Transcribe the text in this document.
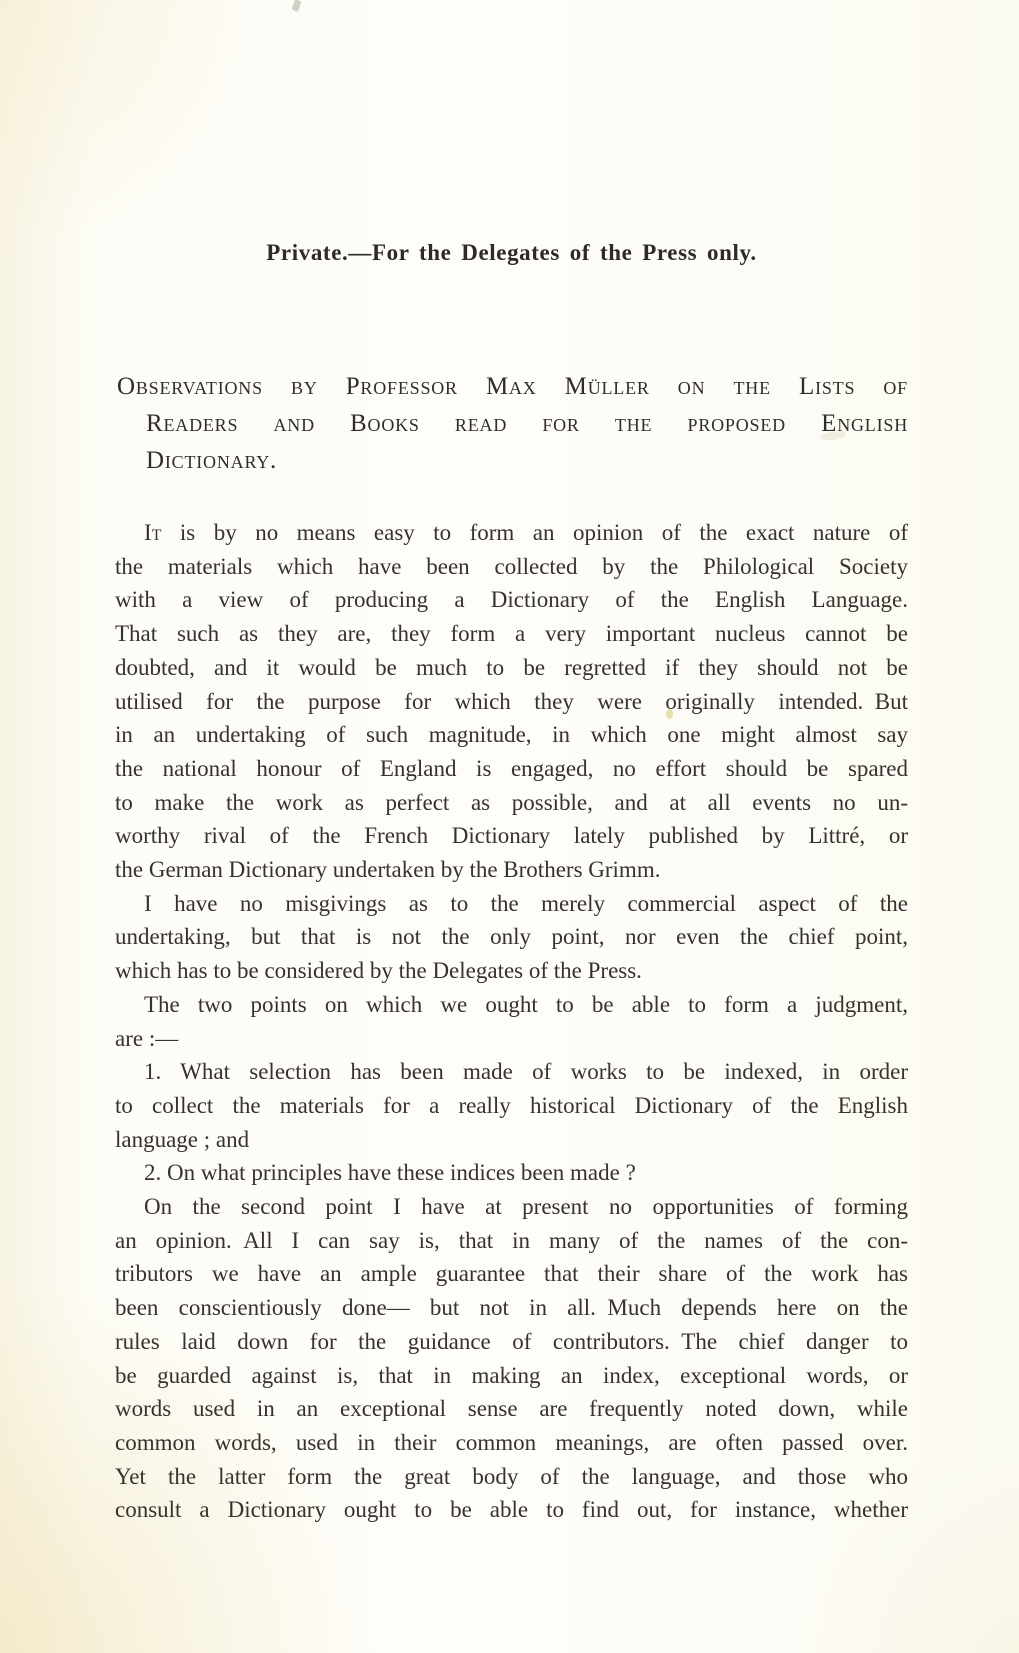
Private.—For the Delegates of the Press only.
Observations by Professor Max Müller on the Lists of
Readers and Books read for the proposed English
Dictionary.
It is by no means easy to form an opinion of the exact nature of
the materials which have been collected by the Philological Society
with a view of producing a Dictionary of the English Language.
That such as they are, they form a very important nucleus cannot be
doubted, and it would be much to be regretted if they should not be
utilised for the purpose for which they were originally intended. But
in an undertaking of such magnitude, in which one might almost say
the national honour of England is engaged, no effort should be spared
to make the work as perfect as possible, and at all events no un-
worthy rival of the French Dictionary lately published by Littré, or
the German Dictionary undertaken by the Brothers Grimm.
I have no misgivings as to the merely commercial aspect of the
undertaking, but that is not the only point, nor even the chief point,
which has to be considered by the Delegates of the Press.
The two points on which we ought to be able to form a judgment,
are :—
1. What selection has been made of works to be indexed, in order
to collect the materials for a really historical Dictionary of the English
language ; and
2. On what principles have these indices been made ?
On the second point I have at present no opportunities of forming
an opinion. All I can say is, that in many of the names of the con-
tributors we have an ample guarantee that their share of the work has
been conscientiously done— but not in all. Much depends here on the
rules laid down for the guidance of contributors. The chief danger to
be guarded against is, that in making an index, exceptional words, or
words used in an exceptional sense are frequently noted down, while
common words, used in their common meanings, are often passed over.
Yet the latter form the great body of the language, and those who
consult a Dictionary ought to be able to find out, for instance, whether
